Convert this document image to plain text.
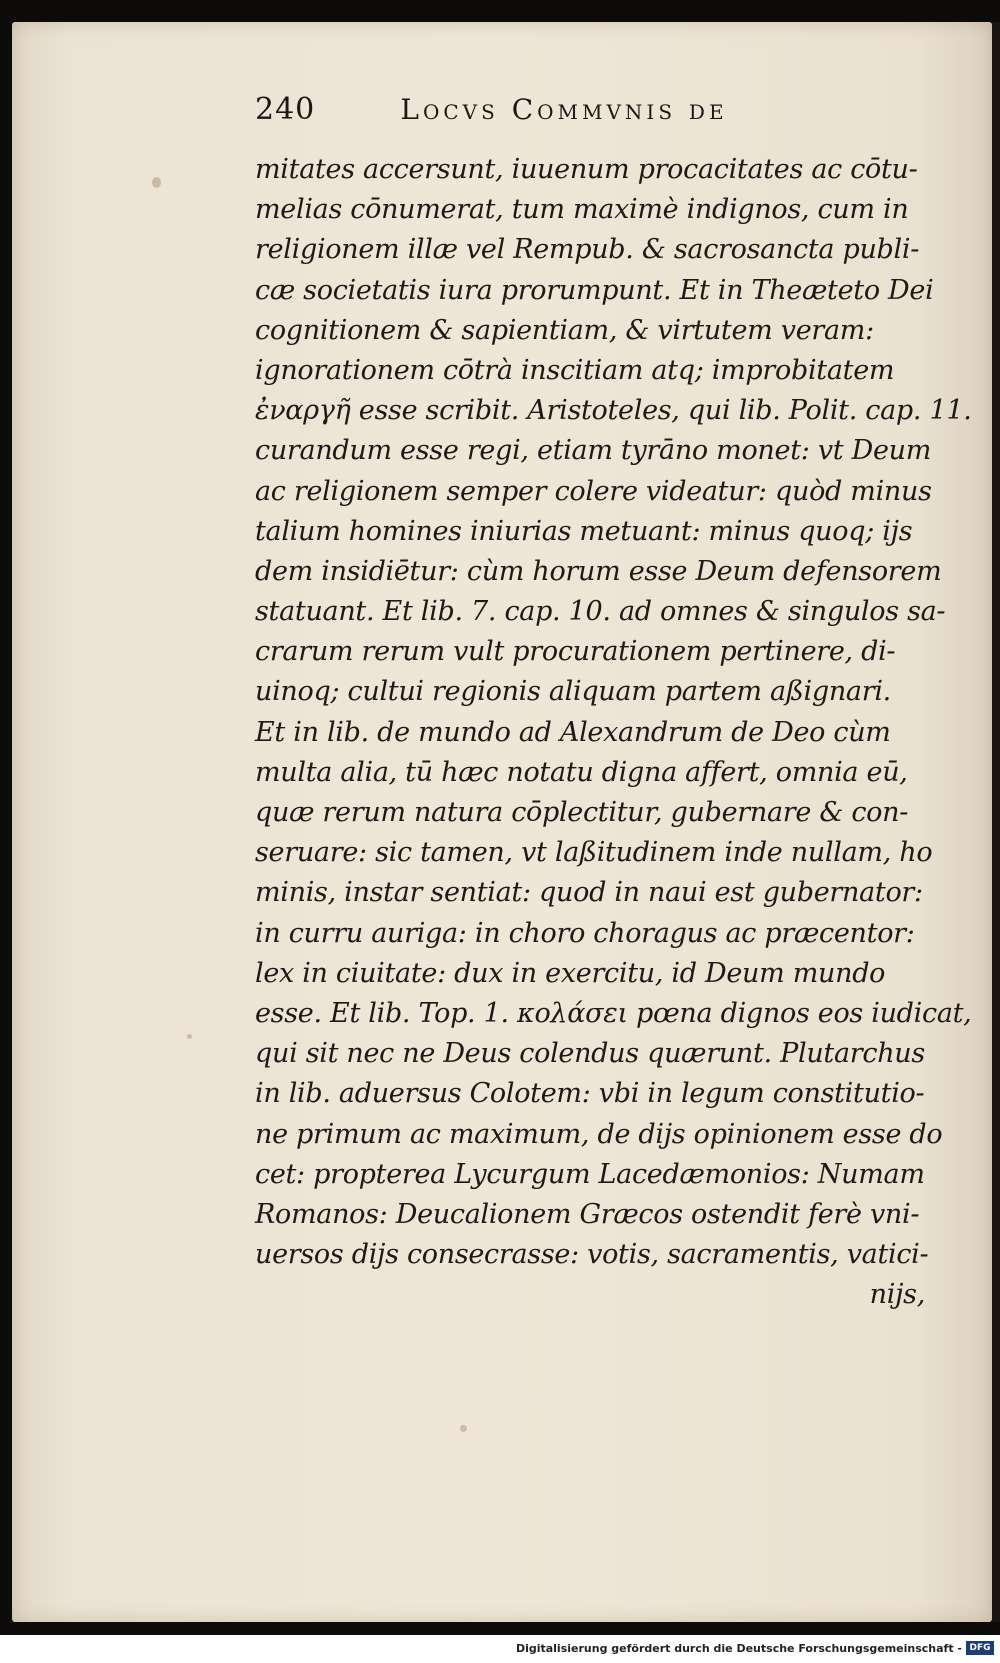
240	Locvs Commvnis de
mitates accersunt, iuuenum procacitates ac cōtu-
melias cōnumerat, tum maximè indignos, cum in
religionem illæ vel Rempub. & sacrosancta publi-
cæ societatis iura prorumpunt. Et in Theæteto Dei
cognitionem & sapientiam, & virtutem veram:
ignorationem cōtrà inscitiam atq; improbitatem
ἐναργῆ esse scribit. Aristoteles, qui lib. Polit. cap. 11.
curandum esse regi, etiam tyrāno monet: vt Deum
ac religionem semper colere videatur: quòd minus
talium homines iniurias metuant: minus quoq; ijs
dem insidiētur: cùm horum esse Deum defensorem
statuant. Et lib. 7. cap. 10. ad omnes & singulos sa-
crarum rerum vult procurationem pertinere, di-
uinoq; cultui regionis aliquam partem aßignari.
Et in lib. de mundo ad Alexandrum de Deo cùm
multa alia, tū hæc notatu digna affert, omnia eū,
quæ rerum natura cōplectitur, gubernare & con-
seruare: sic tamen, vt laßitudinem inde nullam, ho
minis, instar sentiat: quod in naui est gubernator:
in curru auriga: in choro choragus ac præcentor:
lex in ciuitate: dux in exercitu, id Deum mundo
esse. Et lib. Top. 1. κολάσει pœna dignos eos iudicat,
qui sit nec ne Deus colendus quærunt. Plutarchus
in lib. aduersus Colotem: vbi in legum constitutio-
ne primum ac maximum, de dijs opinionem esse do
cet: propterea Lycurgum Lacedæmonios: Numam
Romanos: Deucalionem Græcos ostendit ferè vni-
uersos dijs consecrasse: votis, sacramentis, vatici-
nijs,
Digitalisierung gefördert durch die Deutsche Forschungsgemeinschaft - DFG
